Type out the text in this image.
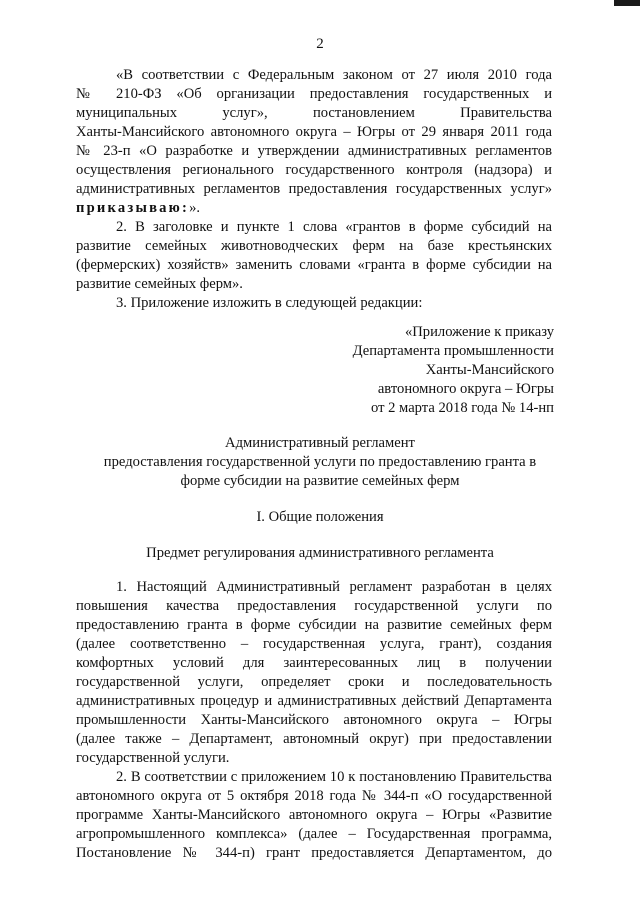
2
«В соответствии с Федеральным законом от 27 июля 2010 года
№ 210-ФЗ «Об организации предоставления государственных и
муниципальных услуг», постановлением Правительства
Ханты-Мансийского автономного округа – Югры от 29 января 2011 года
№ 23-п «О разработке и утверждении административных регламентов
осуществления регионального государственного контроля (надзора) и
административных регламентов предоставления государственных услуг»
приказываю:».
2. В заголовке и пункте 1 слова «грантов в форме субсидий на
развитие семейных животноводческих ферм на базе крестьянских
(фермерских) хозяйств» заменить словами «гранта в форме субсидии на
развитие семейных ферм».
3. Приложение изложить в следующей редакции:
«Приложение к приказу
Департамента промышленности
Ханты-Мансийского
автономного округа – Югры
от 2 марта 2018 года № 14-нп
Административный регламент
предоставления государственной услуги по предоставлению гранта в
форме субсидии на развитие семейных ферм
I. Общие положения
Предмет регулирования административного регламента
1. Настоящий Административный регламент разработан в целях
повышения качества предоставления государственной услуги по
предоставлению гранта в форме субсидии на развитие семейных ферм
(далее соответственно – государственная услуга, грант), создания
комфортных условий для заинтересованных лиц в получении
государственной услуги, определяет сроки и последовательность
административных процедур и административных действий Департамента
промышленности Ханты-Мансийского автономного округа – Югры
(далее также – Департамент, автономный округ) при предоставлении
государственной услуги.
2. В соответствии с приложением 10 к постановлению Правительства
автономного округа от 5 октября 2018 года № 344-п «О государственной
программе Ханты-Мансийского автономного округа – Югры «Развитие
агропромышленного комплекса» (далее – Государственная программа,
Постановление № 344-п) грант предоставляется Департаментом, до
